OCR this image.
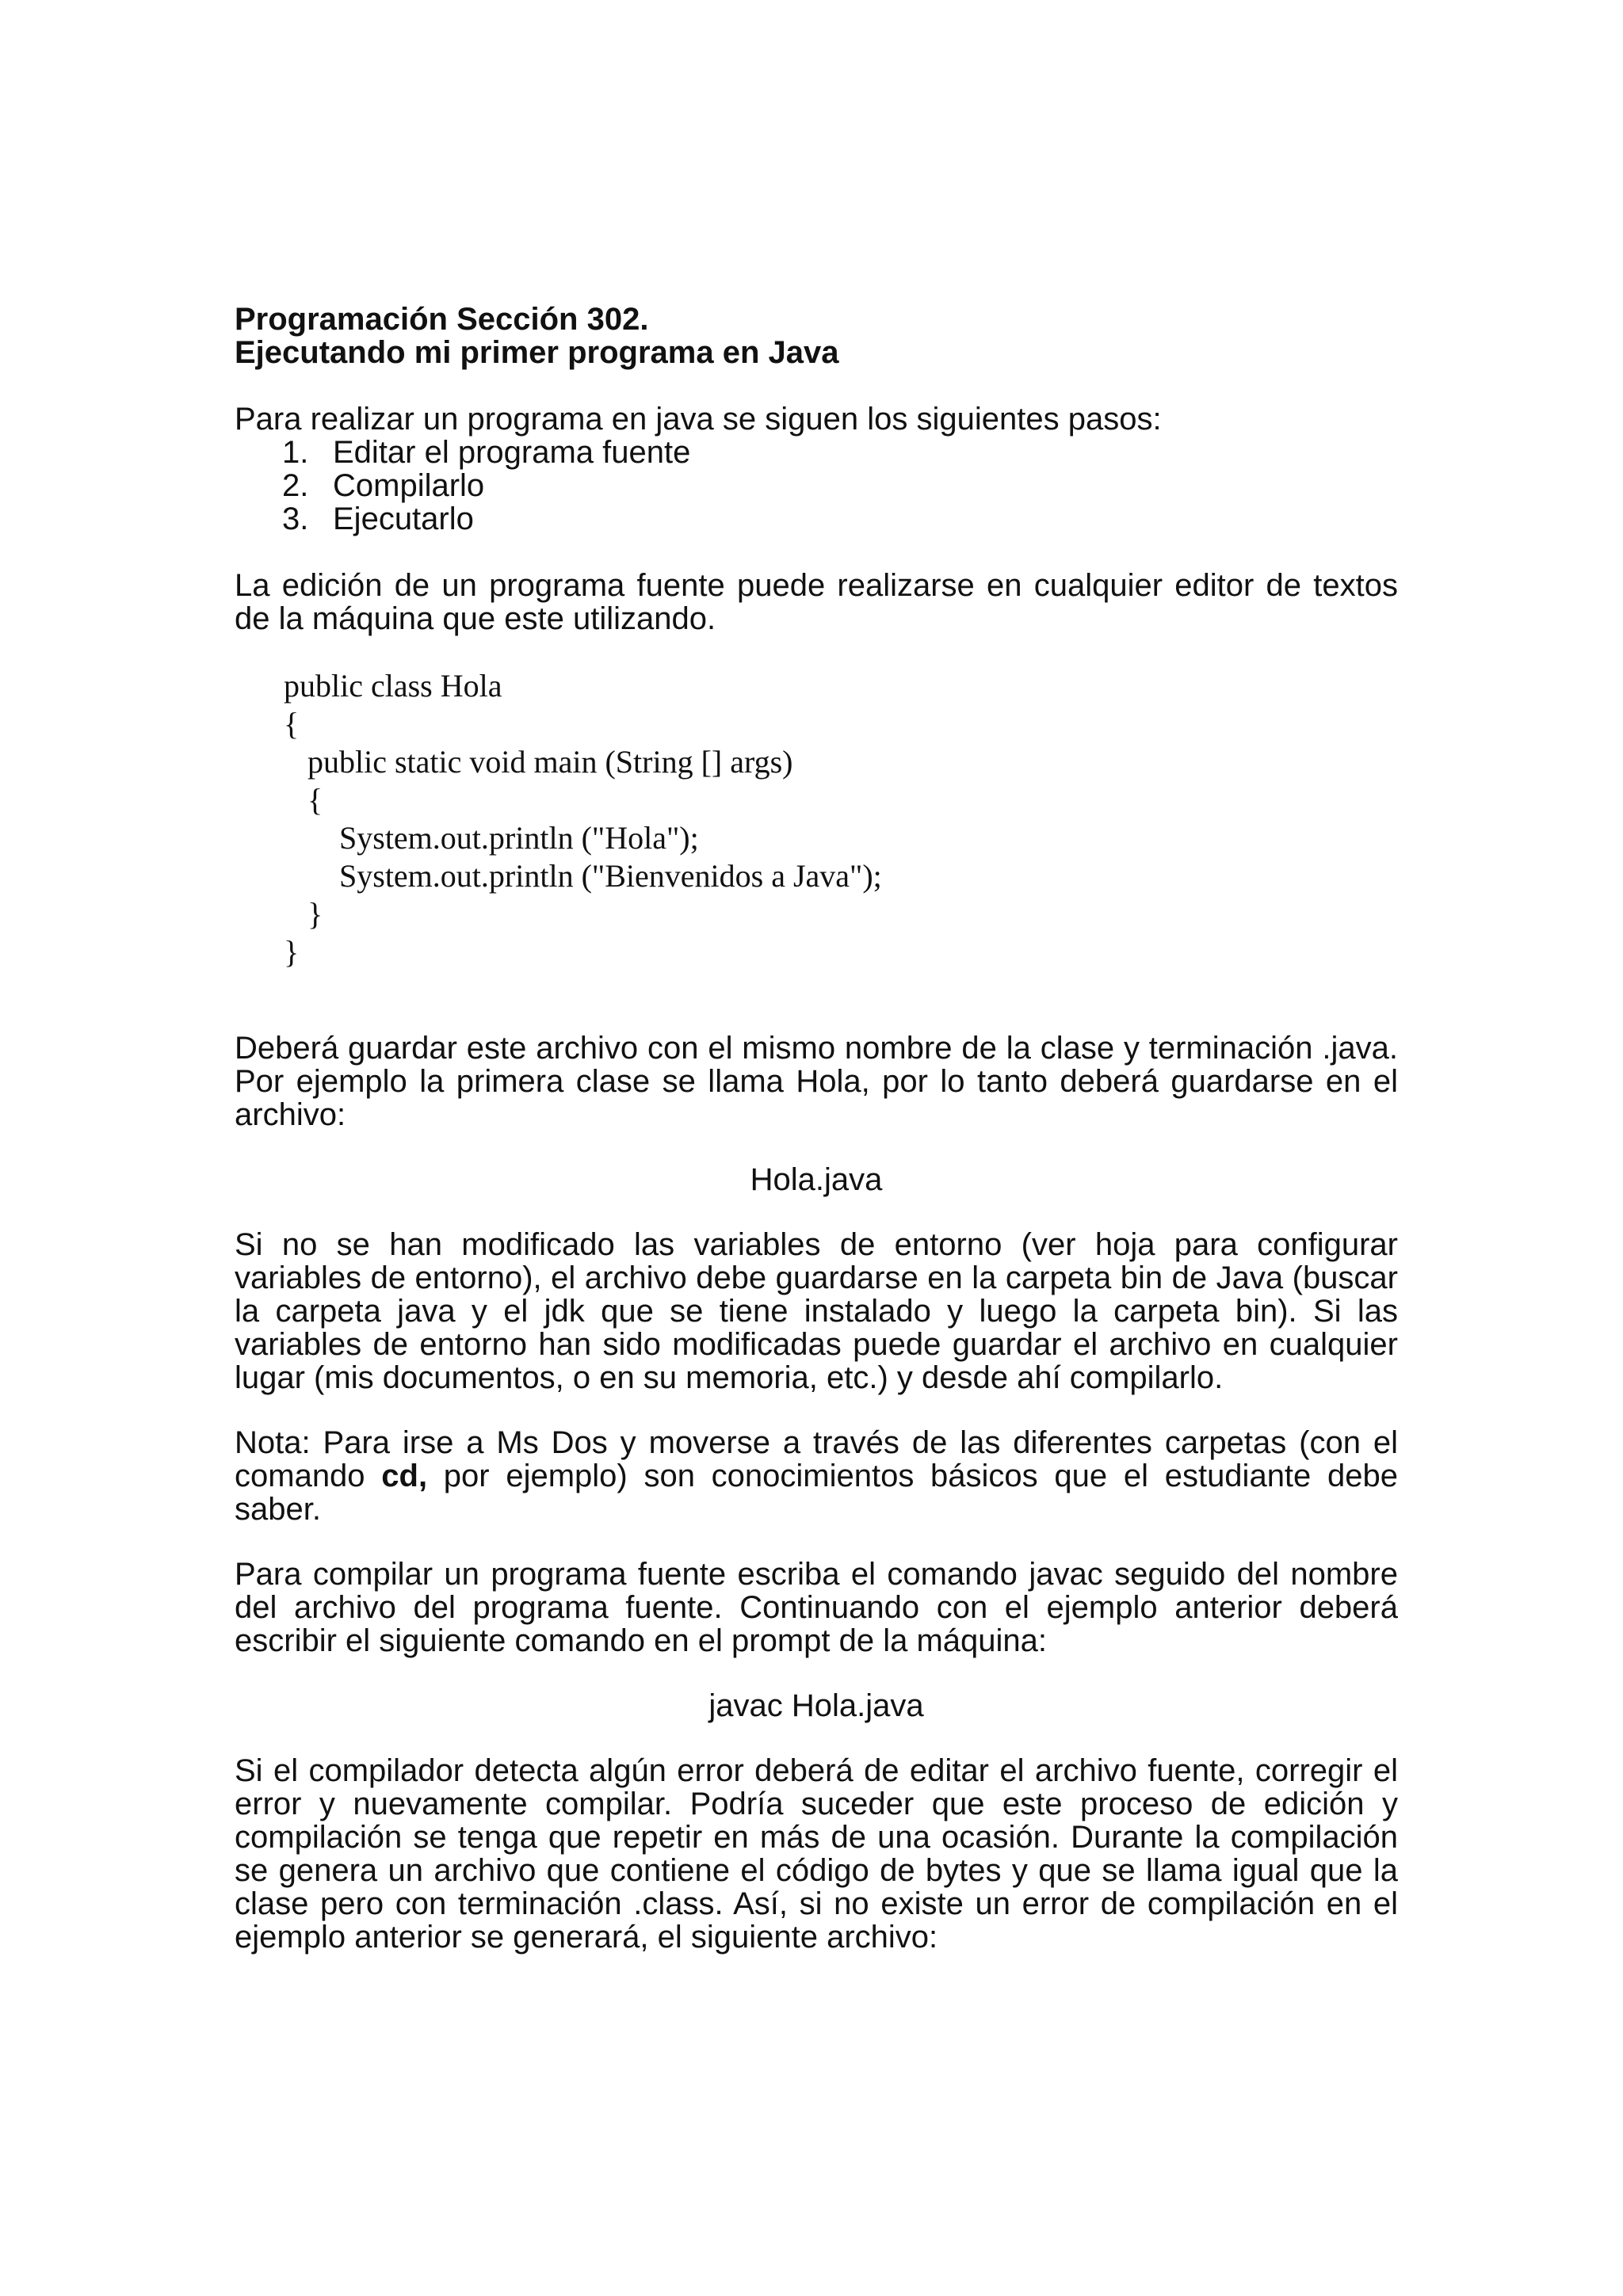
Programación Sección 302.

Ejecutando mi primer programa en Java

Para realizar un programa en java se siguen los siguientes pasos:

1. Editar el programa fuente
2. Compilarlo
3. Ejecutarlo

La edición de un programa fuente puede realizarse en cualquier editor de textos de la máquina que este utilizando.

public class Hola
{
public static void main (String [] args)
{
System.out.println ("Hola");
System.out.println ("Bienvenidos a Java");
}
}

Deberá guardar este archivo con el mismo nombre de la clase y terminación .java. Por ejemplo la primera clase se llama Hola, por lo tanto deberá guardarse en el archivo:

Hola.java

Si no se han modificado las variables de entorno (ver hoja para configurar variables de entorno), el archivo debe guardarse en la carpeta bin de Java (buscar la carpeta java y el jdk que se tiene instalado y luego la carpeta bin). Si las variables de entorno han sido modificadas puede guardar el archivo en cualquier lugar (mis documentos, o en su memoria, etc.) y desde ahí compilarlo.

Nota: Para irse a Ms Dos y moverse a través de las diferentes carpetas (con el comando cd, por ejemplo) son conocimientos básicos que el estudiante debe saber.

Para compilar un programa fuente escriba el comando javac seguido del nombre del archivo del programa fuente. Continuando con el ejemplo anterior deberá escribir el siguiente comando en el prompt de la máquina:

javac Hola.java

Si el compilador detecta algún error deberá de editar el archivo fuente, corregir el error y nuevamente compilar. Podría suceder que este proceso de edición y compilación se tenga que repetir en más de una ocasión. Durante la compilación se genera un archivo que contiene el código de bytes y que se llama igual que la clase pero con terminación .class. Así, si no existe un error de compilación en el ejemplo anterior se generará, el siguiente archivo:
